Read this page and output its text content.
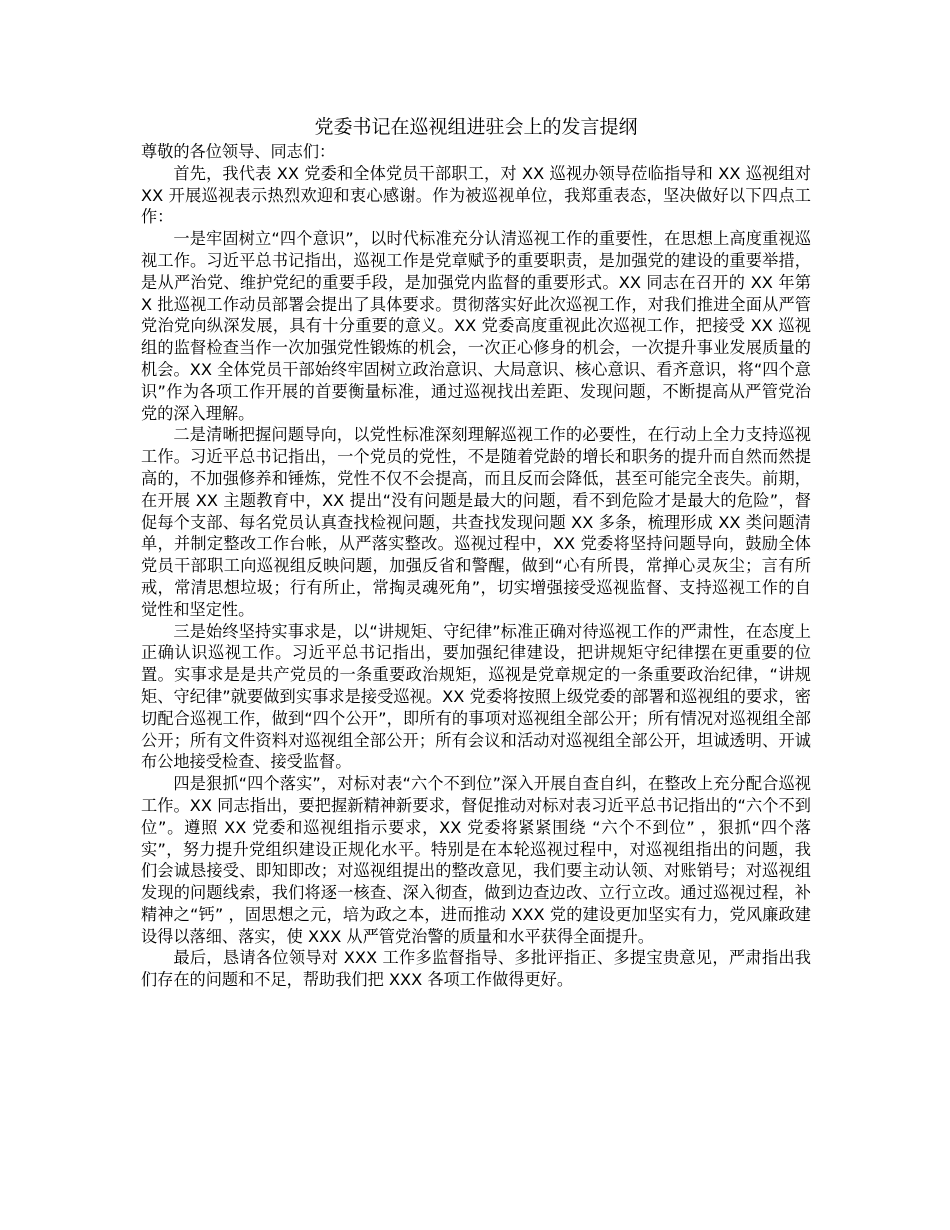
党委书记在巡视组进驻会上的发言提纲

尊敬的各位领导、同志们：

首先，我代表 XX 党委和全体党员干部职工，对 XX 巡视办领导莅临指导和 XX 巡视组对 XX 开展巡视表示热烈欢迎和衷心感谢。作为被巡视单位，我郑重表态，坚决做好以下四点工作：

一是牢固树立“四个意识”，以时代标准充分认清巡视工作的重要性，在思想上高度重视巡视工作。习近平总书记指出，巡视工作是党章赋予的重要职责，是加强党的建设的重要举措，是从严治党、维护党纪的重要手段，是加强党内监督的重要形式。XX 同志在召开的 XX 年第 X 批巡视工作动员部署会提出了具体要求。贯彻落实好此次巡视工作，对我们推进全面从严管党治党向纵深发展，具有十分重要的意义。XX 党委高度重视此次巡视工作，把接受 XX 巡视组的监督检查当作一次加强党性锻炼的机会，一次正心修身的机会，一次提升事业发展质量的机会。XX 全体党员干部始终牢固树立政治意识、大局意识、核心意识、看齐意识，将“四个意识”作为各项工作开展的首要衡量标准，通过巡视找出差距、发现问题，不断提高从严管党治党的深入理解。

二是清晰把握问题导向，以党性标准深刻理解巡视工作的必要性，在行动上全力支持巡视工作。习近平总书记指出，一个党员的党性，不是随着党龄的增长和职务的提升而自然而然提高的，不加强修养和锤炼，党性不仅不会提高，而且反而会降低，甚至可能完全丧失。前期，在开展 XX 主题教育中，XX 提出“没有问题是最大的问题，看不到危险才是最大的危险”，督促每个支部、每名党员认真查找检视问题，共查找发现问题 XX 多条，梳理形成 XX 类问题清单，并制定整改工作台帐，从严落实整改。巡视过程中，XX 党委将坚持问题导向，鼓励全体党员干部职工向巡视组反映问题，加强反省和警醒，做到“心有所畏，常掸心灵灰尘；言有所戒，常清思想垃圾；行有所止，常掏灵魂死角”，切实增强接受巡视监督、支持巡视工作的自觉性和坚定性。

三是始终坚持实事求是，以“讲规矩、守纪律”标准正确对待巡视工作的严肃性，在态度上正确认识巡视工作。习近平总书记指出，要加强纪律建设，把讲规矩守纪律摆在更重要的位置。实事求是是共产党员的一条重要政治规矩，巡视是党章规定的一条重要政治纪律，“讲规矩、守纪律”就要做到实事求是接受巡视。XX 党委将按照上级党委的部署和巡视组的要求，密切配合巡视工作，做到“四个公开”，即所有的事项对巡视组全部公开；所有情况对巡视组全部公开；所有文件资料对巡视组全部公开；所有会议和活动对巡视组全部公开，坦诚透明、开诚布公地接受检查、接受监督。

四是狠抓“四个落实”，对标对表“六个不到位”深入开展自查自纠，在整改上充分配合巡视工作。XX 同志指出，要把握新精神新要求，督促推动对标对表习近平总书记指出的“六个不到位”。遵照 XX 党委和巡视组指示要求，XX 党委将紧紧围绕 “六个不到位” ，狠抓“四个落实”，努力提升党组织建设正规化水平。特别是在本轮巡视过程中，对巡视组指出的问题，我们会诚恳接受、即知即改；对巡视组提出的整改意见，我们要主动认领、对账销号；对巡视组发现的问题线索，我们将逐一核查、深入彻查，做到边查边改、立行立改。通过巡视过程，补精神之“钙” ，固思想之元，培为政之本，进而推动 XXX 党的建设更加坚实有力，党风廉政建设得以落细、落实，使 XXX 从严管党治警的质量和水平获得全面提升。

最后，恳请各位领导对 XXX 工作多监督指导、多批评指正、多提宝贵意见，严肃指出我们存在的问题和不足，帮助我们把 XXX 各项工作做得更好。
